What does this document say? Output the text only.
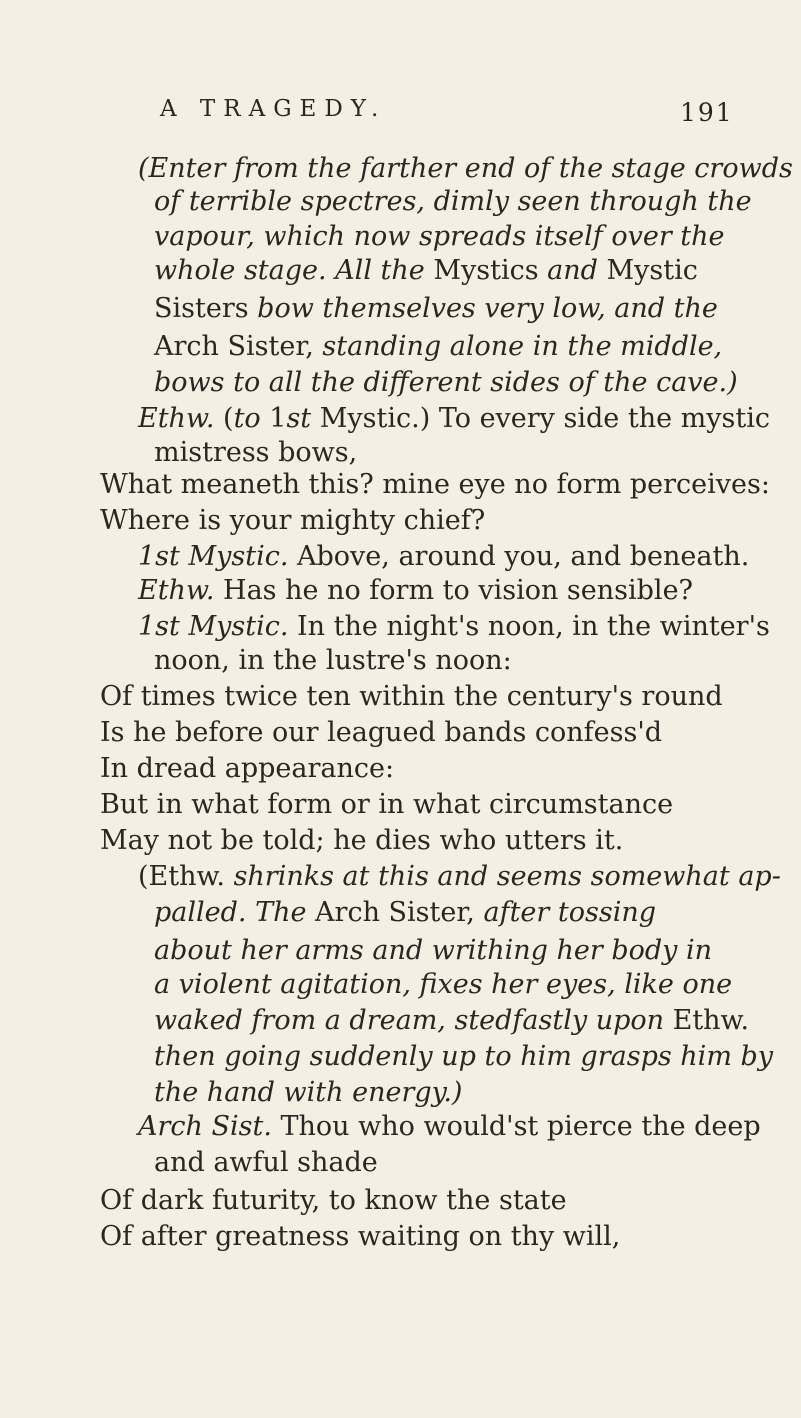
A TRAGEDY.	191
(Enter from the farther end of the stage crowds
of terrible spectres, dimly seen through the
vapour, which now spreads itself over the
whole stage. All the Mystics and Mystic
Sisters bow themselves very low, and the
Arch Sister, standing alone in the middle,
bows to all the different sides of the cave.)
Ethw. (to 1st Mystic.) To every side the mystic
mistress bows,
What meaneth this? mine eye no form perceives:
Where is your mighty chief?
1st Mystic. Above, around you, and beneath.
Ethw. Has he no form to vision sensible?
1st Mystic. In the night's noon, in the winter's
noon, in the lustre's noon:
Of times twice ten within the century's round
Is he before our leagued bands confess'd
In dread appearance:
But in what form or in what circumstance
May not be told; he dies who utters it.
(Ethw. shrinks at this and seems somewhat ap-
palled. The Arch Sister, after tossing
about her arms and writhing her body in
a violent agitation, fixes her eyes, like one
waked from a dream, stedfastly upon Ethw.
then going suddenly up to him grasps him by
the hand with energy.)
Arch Sist. Thou who would'st pierce the deep
and awful shade
Of dark futurity, to know the state
Of after greatness waiting on thy will,
